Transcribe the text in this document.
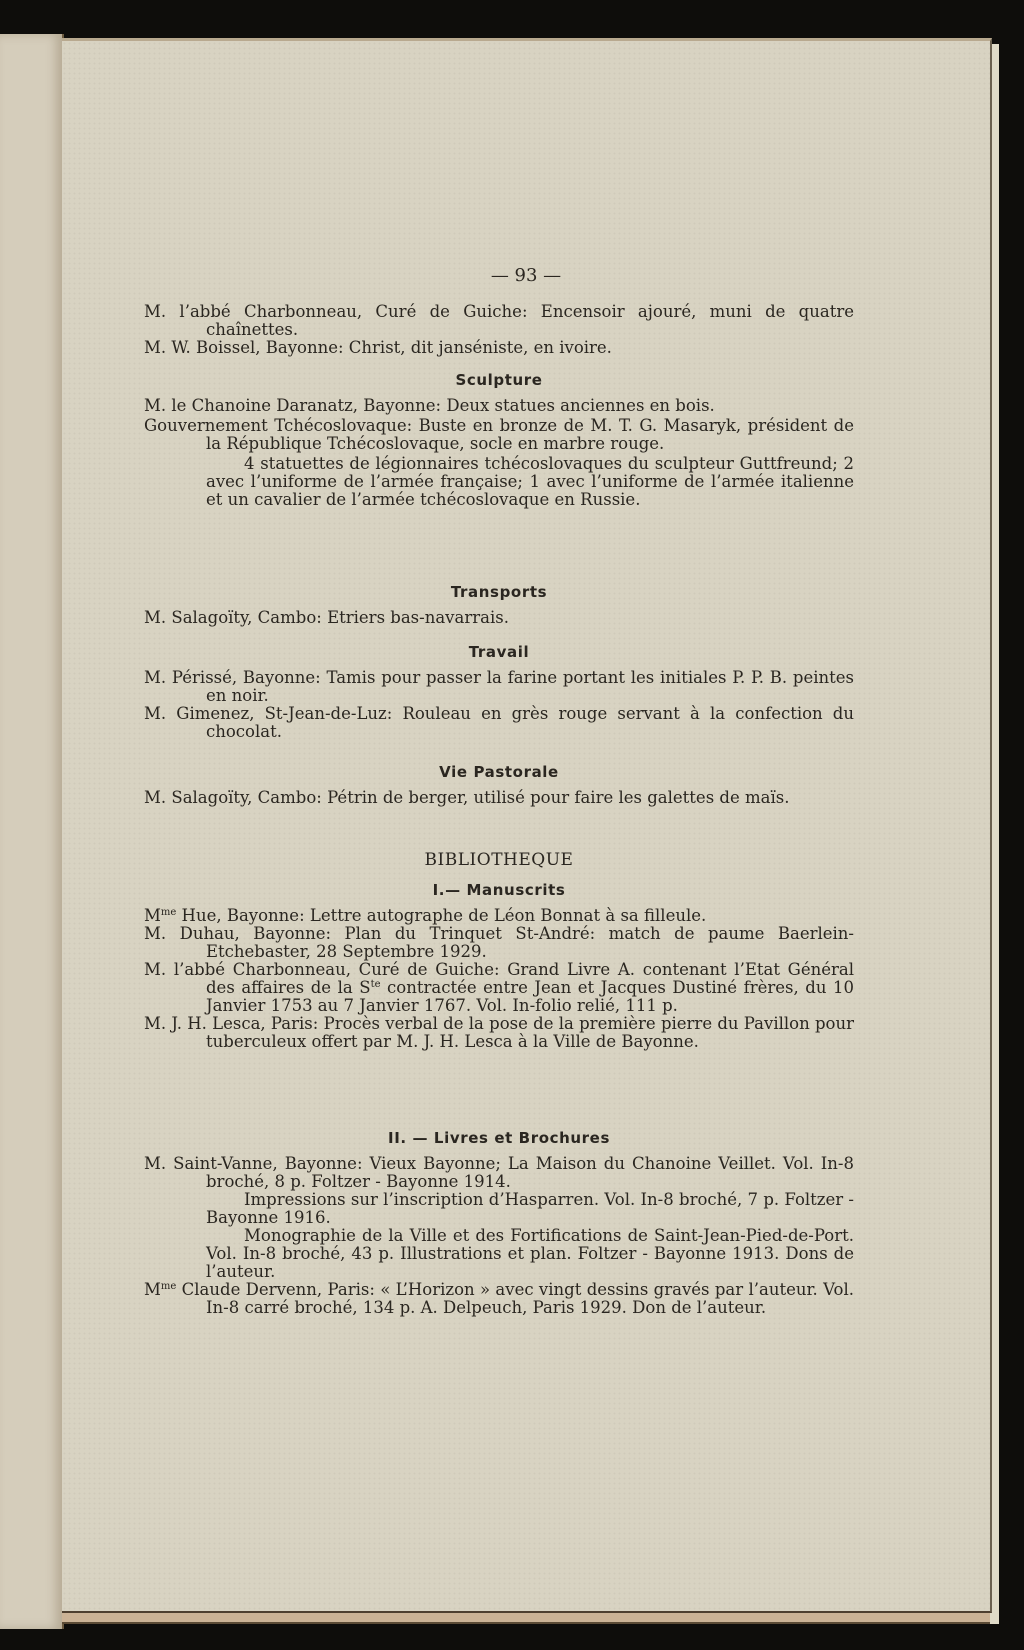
— 93 —

M. l’abbé Charbonneau, Curé de Guiche: Encensoir ajouré, muni de quatre chaînettes.

M. W. Boissel, Bayonne: Christ, dit janséniste, en ivoire.

Sculpture

M. le Chanoine Daranatz, Bayonne: Deux statues anciennes en bois.

Gouvernement Tchécoslovaque: Buste en bronze de M. T. G. Masaryk, président de la République Tchécoslovaque, socle en marbre rouge.

4 statuettes de légionnaires tchécoslovaques du sculpteur Guttfreund; 2 avec l’uniforme de l’armée française; 1 avec l’uniforme de l’armée italienne et un cavalier de l’armée tchécoslovaque en Russie.

Transports

M. Salagoïty, Cambo: Etriers bas-navarrais.

Travail

M. Périssé, Bayonne: Tamis pour passer la farine portant les initiales P. P. B. peintes en noir.

M. Gimenez, St-Jean-de-Luz: Rouleau en grès rouge servant à la confection du chocolat.

Vie Pastorale

M. Salagoïty, Cambo: Pétrin de berger, utilisé pour faire les galettes de maïs.

BIBLIOTHEQUE
I.— Manuscrits

$M^{me}$ Hue, Bayonne: Lettre autographe de Léon Bonnat à sa filleule.

M. Duhau, Bayonne: Plan du Trinquet St-André: match de paume Baerlein-Etchebaster, 28 Septembre 1929.

M. l’abbé Charbonneau, Curé de Guiche: Grand Livre A. contenant l’Etat Général des affaires de la $S^{te}$ contractée entre Jean et Jacques Dustiné frères, du 10 Janvier 1753 au 7 Janvier 1767. Vol. In-folio relié, 111 p.

M. J. H. Lesca, Paris: Procès verbal de la pose de la première pierre du Pavillon pour tuberculeux offert par M. J. H. Lesca à la Ville de Bayonne.

II. — Livres et Brochures

M. Saint-Vanne, Bayonne: Vieux Bayonne; La Maison du Chanoine Veillet. Vol. In-8 broché, 8 p. Foltzer - Bayonne 1914.

Impressions sur l’inscription d’Hasparren. Vol. In-8 broché, 7 p. Foltzer - Bayonne 1916.

Monographie de la Ville et des Fortifications de Saint-Jean-Pied-de-Port. Vol. In-8 broché, 43 p. Illustrations et plan. Foltzer - Bayonne 1913. Dons de l’auteur.

$M^{me}$ Claude Dervenn, Paris: « L’Horizon » avec vingt dessins gravés par l’auteur. Vol. In-8 carré broché, 134 p. A. Delpeuch, Paris 1929. Don de l’auteur.
